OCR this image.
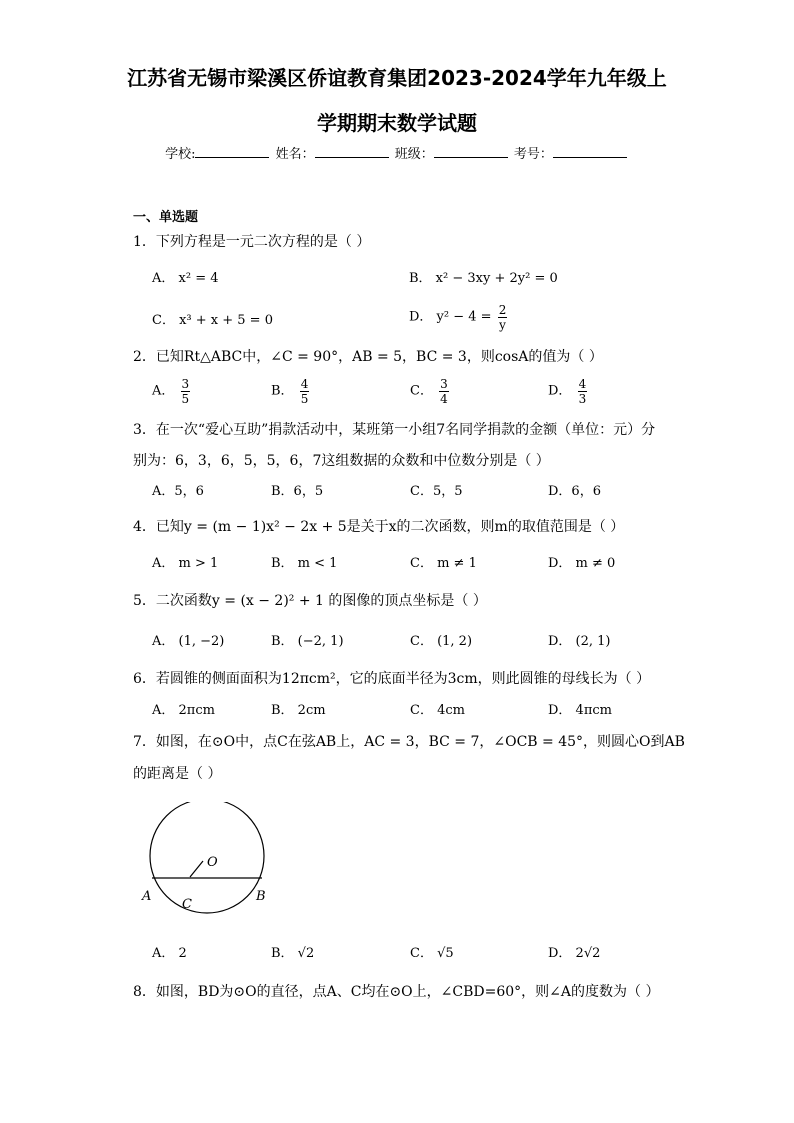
江苏省无锡市梁溪区侨谊教育集团2023-2024学年九年级上
学期期末数学试题
学校:	姓名：	班级：	考号：
一、单选题
1．下列方程是一元二次方程的是（ ）
A． x² = 4	B． x² − 3xy + 2y² = 0
C． x³ + x + 5 = 0	D． $y^2 - 4 = \frac{2}{y}$
2．已知Rt△ABC中，∠C = 90°，AB = 5，BC = 3，则cosA的值为（ ）
A． $\frac{3}{5}$	B． $\frac{4}{5}$	C． $\frac{3}{4}$	D． $\frac{4}{3}$
3．在一次“爱心互助”捐款活动中，某班第一小组7名同学捐款的金额（单位：元）分
别为：6，3，6，5，5，6，7这组数据的众数和中位数分别是（ ）
A．5，6	B．6，5	C．5，5	D．6，6
4．已知y = (m − 1)x² − 2x + 5是关于x的二次函数，则m的取值范围是（ ）
A． m > 1	B． m < 1	C． m ≠ 1	D． m ≠ 0
5．二次函数y = (x − 2)² + 1 的图像的顶点坐标是（ ）
A． (1, −2)	B． (−2, 1)	C． (1, 2)	D． (2, 1)
6．若圆锥的侧面面积为12πcm²，它的底面半径为3cm，则此圆锥的母线长为（ ）
A． 2πcm	B． 2cm	C． 4cm	D． 4πcm
7．如图，在⊙O中，点C在弦AB上，AC = 3，BC = 7，∠OCB = 45°，则圆心O到AB
的距离是（ ）
O
A	B
C
A． 2	B． √2	C． √5	D． 2√2
8．如图，BD为⊙O的直径，点A、C均在⊙O上，∠CBD=60°，则∠A的度数为（ ）
